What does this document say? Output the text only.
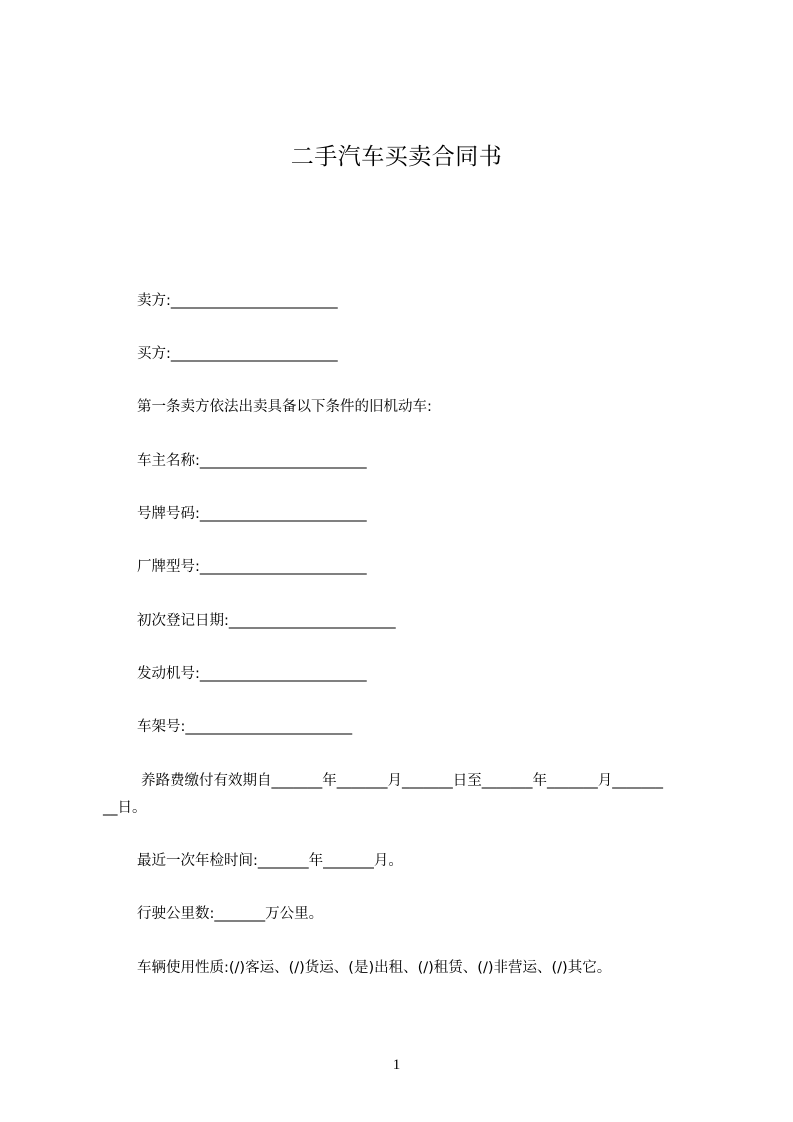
二手汽车买卖合同书
卖方:_______________________
买方:_______________________
第一条卖方依法出卖具备以下条件的旧机动车:
车主名称:_______________________
号牌号码:_______________________
厂牌型号:_______________________
初次登记日期:_______________________
发动机号:_______________________
车架号:_______________________
养路费缴付有效期自_______年_______月_______日至_______年_______月_______
__日。
最近一次年检时间:_______年_______月。
行驶公里数:_______万公里。
车辆使用性质:(/)客运、(/)货运、(是)出租、(/)租赁、(/)非营运、(/)其它。
1
